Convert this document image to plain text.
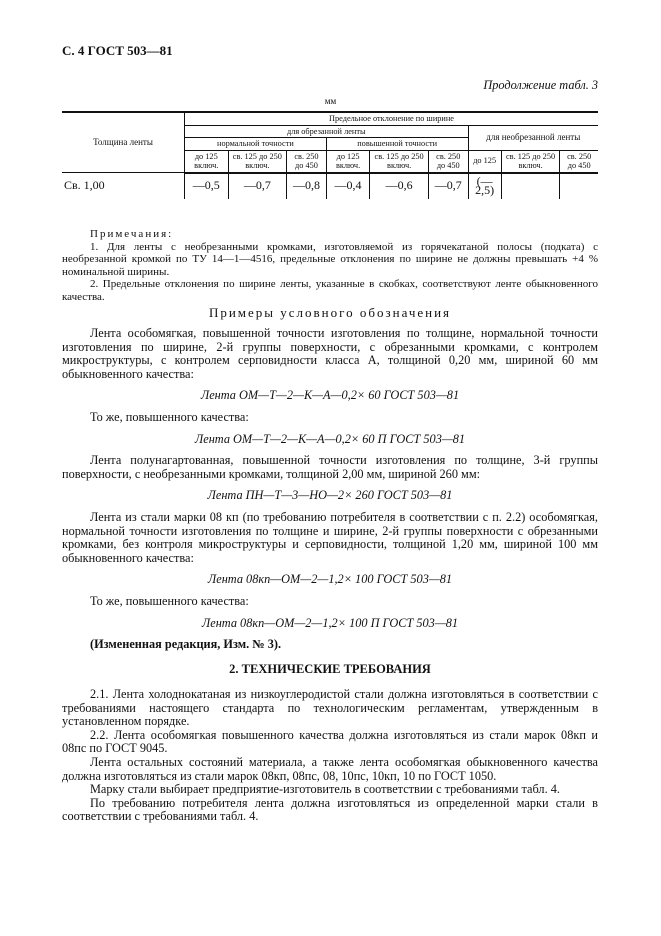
С. 4 ГОСТ 503—81
Продолжение табл. 3
мм
Толщина ленты	Предельное отклонение по ширине								
	для обрезанной ленты						для необрезанной ленты		
	нормальной точности			повышенной точности					
	до 125 включ.	св. 125 до 250 включ.	св. 250 до 450	до 125 включ.	св. 125 до 250 включ.	св. 250 до 450	до 125	св. 125 до 250 включ.	св. 250 до 450
Св. 1,00	—0,5	—0,7	—0,8	—0,4	—0,6	—0,7	(—2,5)		

Примечания:

1. Для ленты с необрезанными кромками, изготовляемой из горячекатаной полосы (подката) с необрезанной кромкой по ТУ 14—1—4516, предельные отклонения по ширине не должны превышать +4 % номинальной ширины.

2. Предельные отклонения по ширине ленты, указанные в скобках, соответствуют ленте обыкновенного качества.

Примеры условного обозначения

Лента особомягкая, повышенной точности изготовления по толщине, нормальной точности изготовления по ширине, 2-й группы поверхности, с обрезанными кромками, с контролем микроструктуры, с контролем серповидности класса А, толщиной 0,20 мм, шириной 60 мм обыкновенного качества:

Лента ОМ—Т—2—К—А—0,2× 60 ГОСТ 503—81

То же, повышенного качества:

Лента ОМ—Т—2—К—А—0,2× 60 П ГОСТ 503—81

Лента полунагартованная, повышенной точности изготовления по толщине, 3-й группы поверхности, с необрезанными кромками, толщиной 2,00 мм, шириной 260 мм:

Лента ПН—Т—3—НО—2× 260 ГОСТ 503—81

Лента из стали марки 08 кп (по требованию потребителя в соответствии с п. 2.2) особомягкая, нормальной точности изготовления по толщине и ширине, 2-й группы поверхности с обрезанными кромками, без контроля микроструктуры и серповидности, толщиной 1,20 мм, шириной 100 мм обыкновенного качества:

Лента 08кп—ОМ—2—1,2× 100 ГОСТ 503—81

То же, повышенного качества:

Лента 08кп—ОМ—2—1,2× 100 П ГОСТ 503—81

(Измененная редакция, Изм. № 3).

2. ТЕХНИЧЕСКИЕ ТРЕБОВАНИЯ

2.1. Лента холоднокатаная из низкоуглеродистой стали должна изготовляться в соответствии с требованиями настоящего стандарта по технологическим регламентам, утвержденным в установленном порядке.

2.2. Лента особомягкая повышенного качества должна изготовляться из стали марок 08кп и 08пс по ГОСТ 9045.

Лента остальных состояний материала, а также лента особомягкая обыкновенного качества должна изготовляться из стали марок 08кп, 08пс, 08, 10пс, 10кп, 10 по ГОСТ 1050.

Марку стали выбирает предприятие-изготовитель в соответствии с требованиями табл. 4.

По требованию потребителя лента должна изготовляться из определенной марки стали в соответствии с требованиями табл. 4.
